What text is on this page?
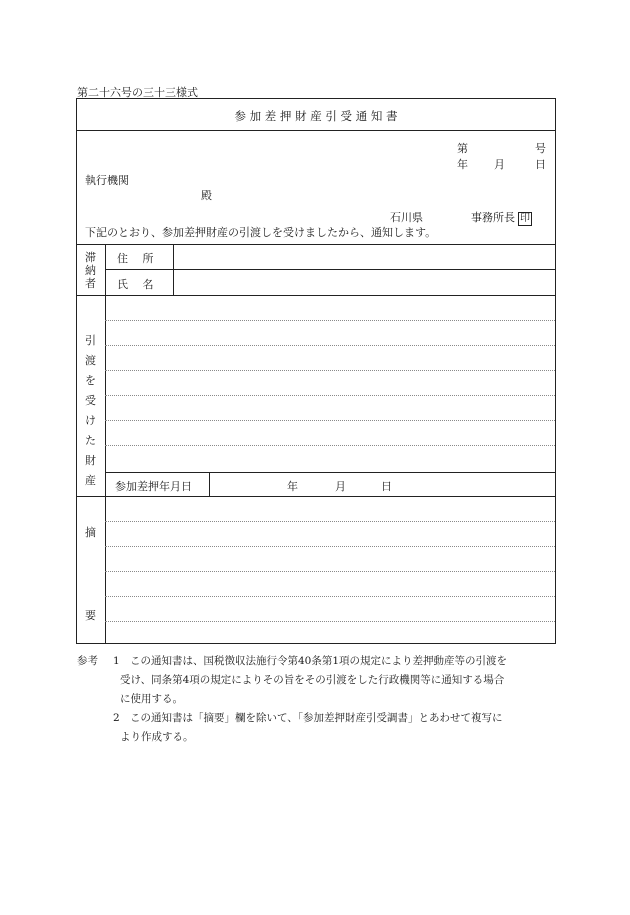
第二十六号の三十三様式
参 加 差 押 財 産 引 受 通 知 書
第	号
年 月	日
執行機関
殿
石川県	事務所長 印
下記のとおり、参加差押財産の引渡しを受けましたから、通知します。
滞
納
者
住　 所
氏　 名
引
渡
を
受
け
た
財
産 参加差押年月日	年	月	日
摘
要
参考 1 この通知書は、国税徴収法施行令第40条第1項の規定により差押動産等の引渡を
受け、同条第4項の規定によりその旨をその引渡をした行政機関等に通知する場合
に使用する。
2 この通知書は「摘要」欄を除いて、「参加差押財産引受調書」とあわせて複写に
より作成する。
